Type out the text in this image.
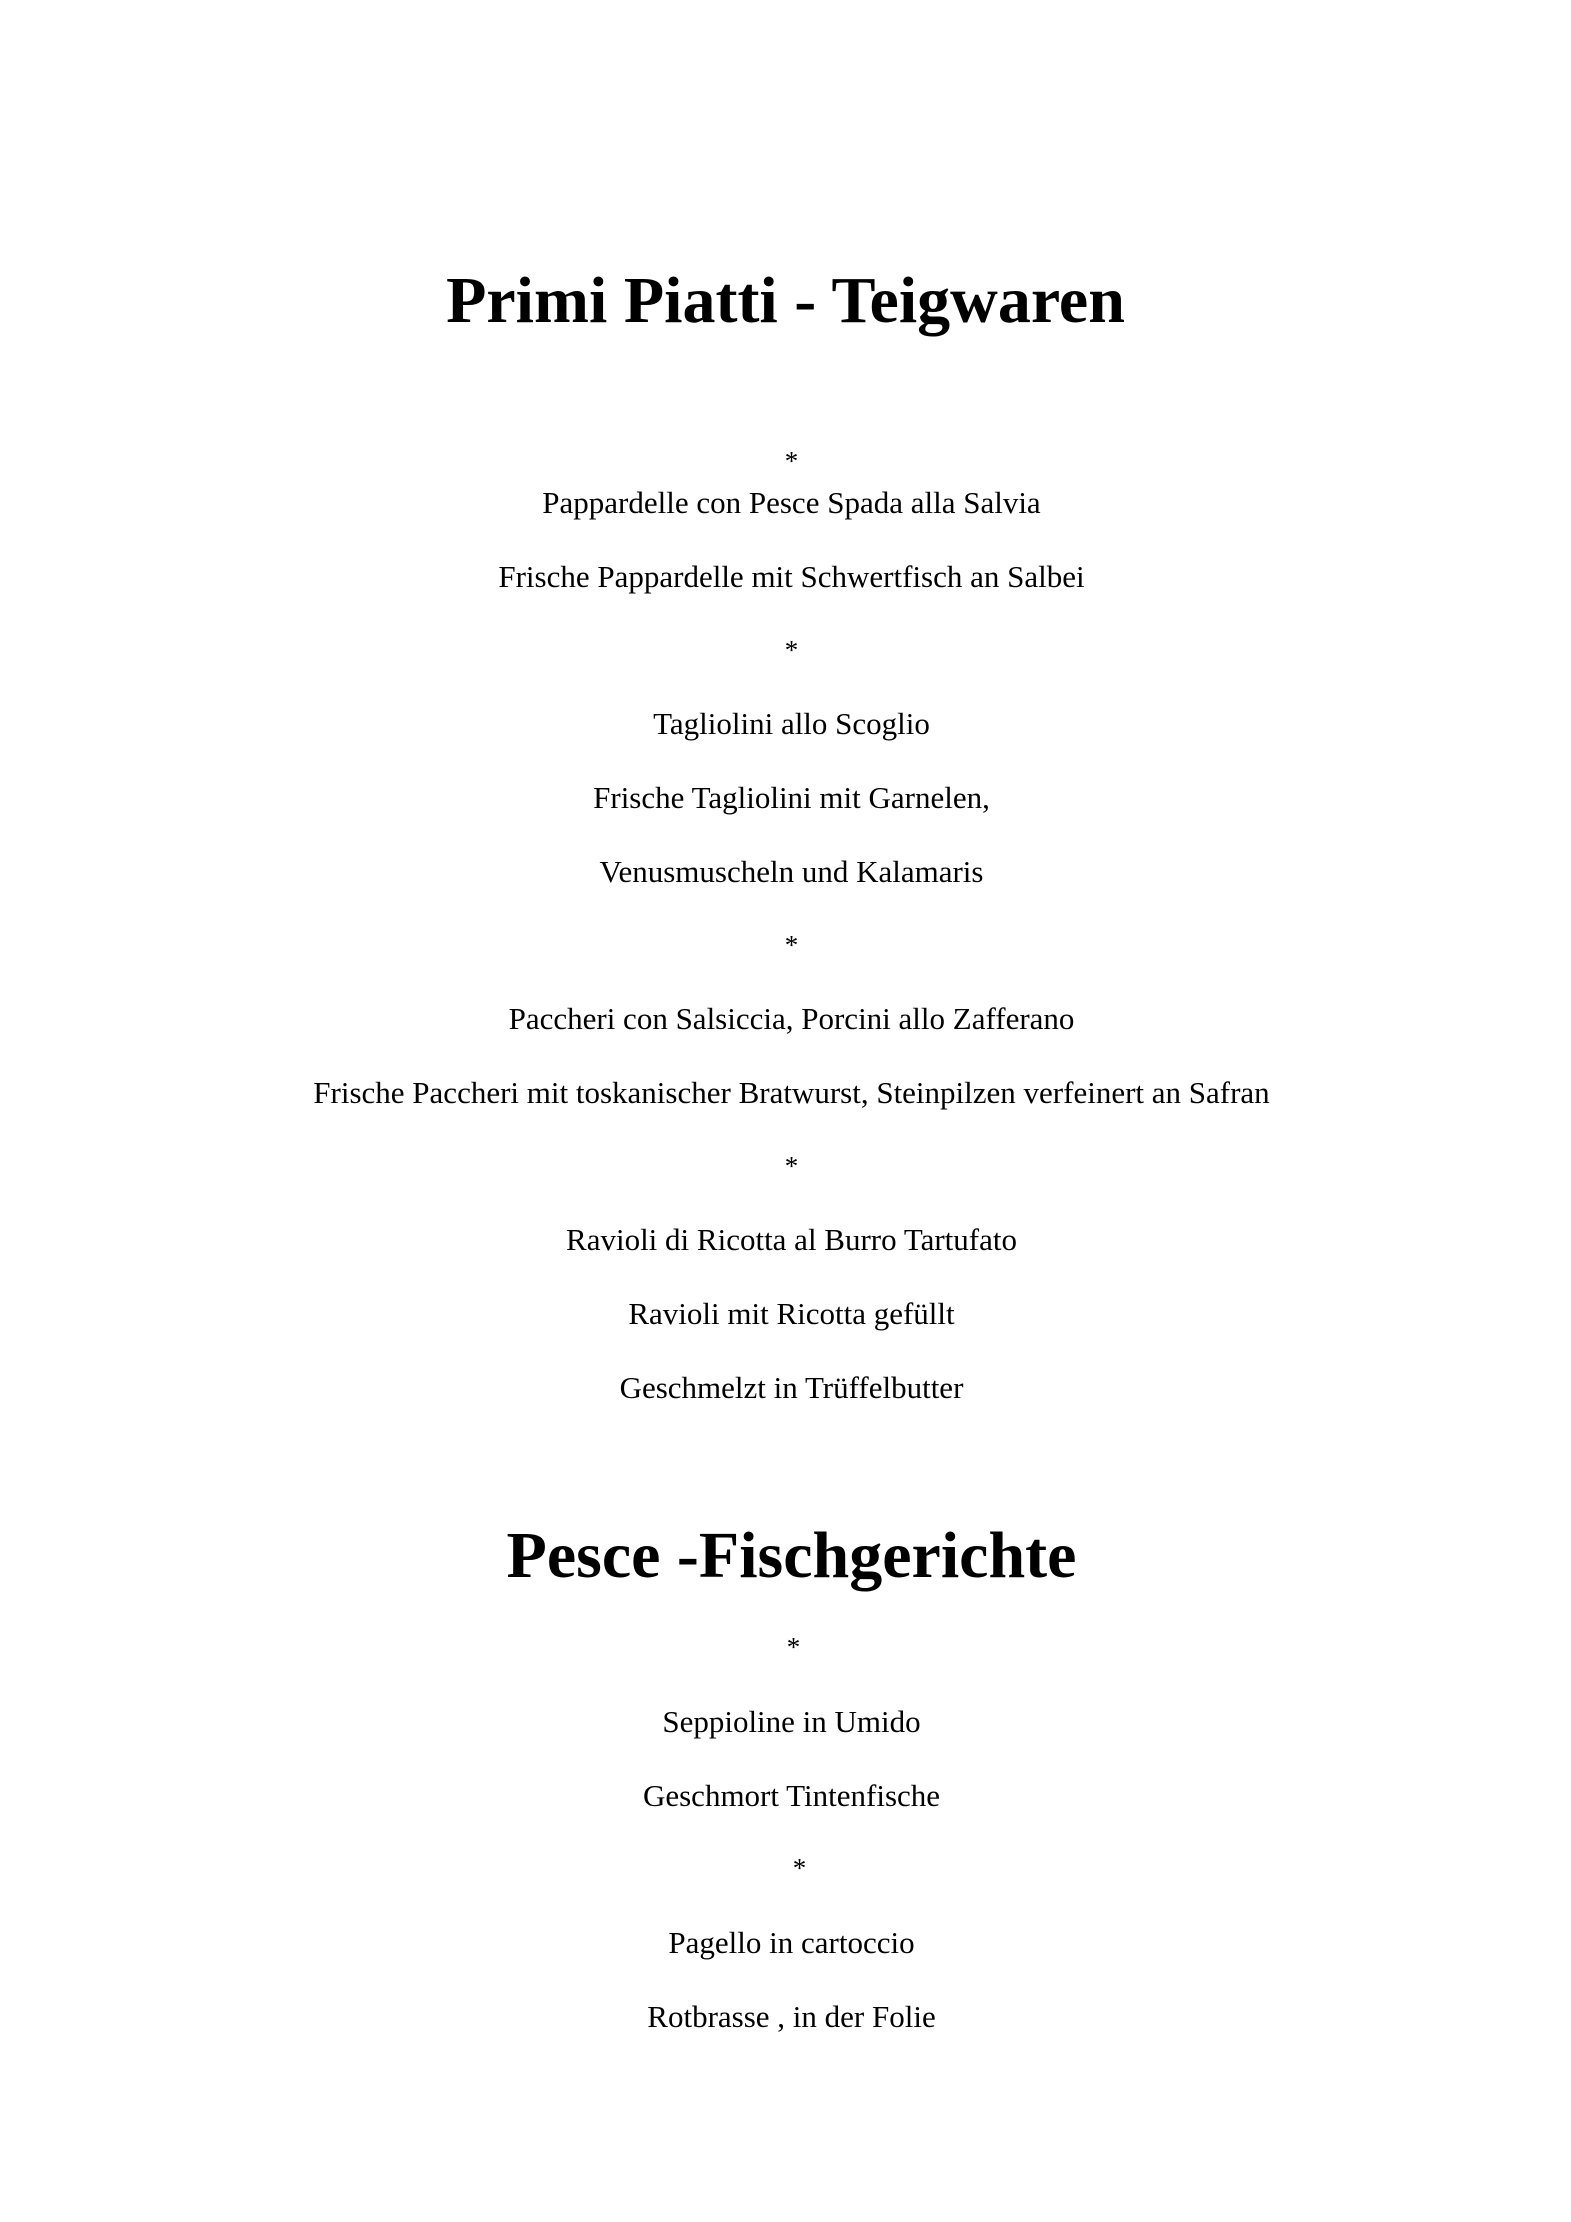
Primi Piatti - Teigwaren
*
Pappardelle con Pesce Spada alla Salvia
Frische Pappardelle mit Schwertfisch an Salbei
*
Tagliolini allo Scoglio
Frische Tagliolini mit Garnelen,
Venusmuscheln und Kalamaris
*
Paccheri con Salsiccia, Porcini allo Zafferano
Frische Paccheri mit toskanischer Bratwurst, Steinpilzen verfeinert an Safran
*
Ravioli di Ricotta al Burro Tartufato
Ravioli mit Ricotta gefüllt
Geschmelzt in Trüffelbutter
Pesce -Fischgerichte
*
Seppioline in Umido
Geschmort Tintenfische
*
Pagello in cartoccio
Rotbrasse , in der Folie
